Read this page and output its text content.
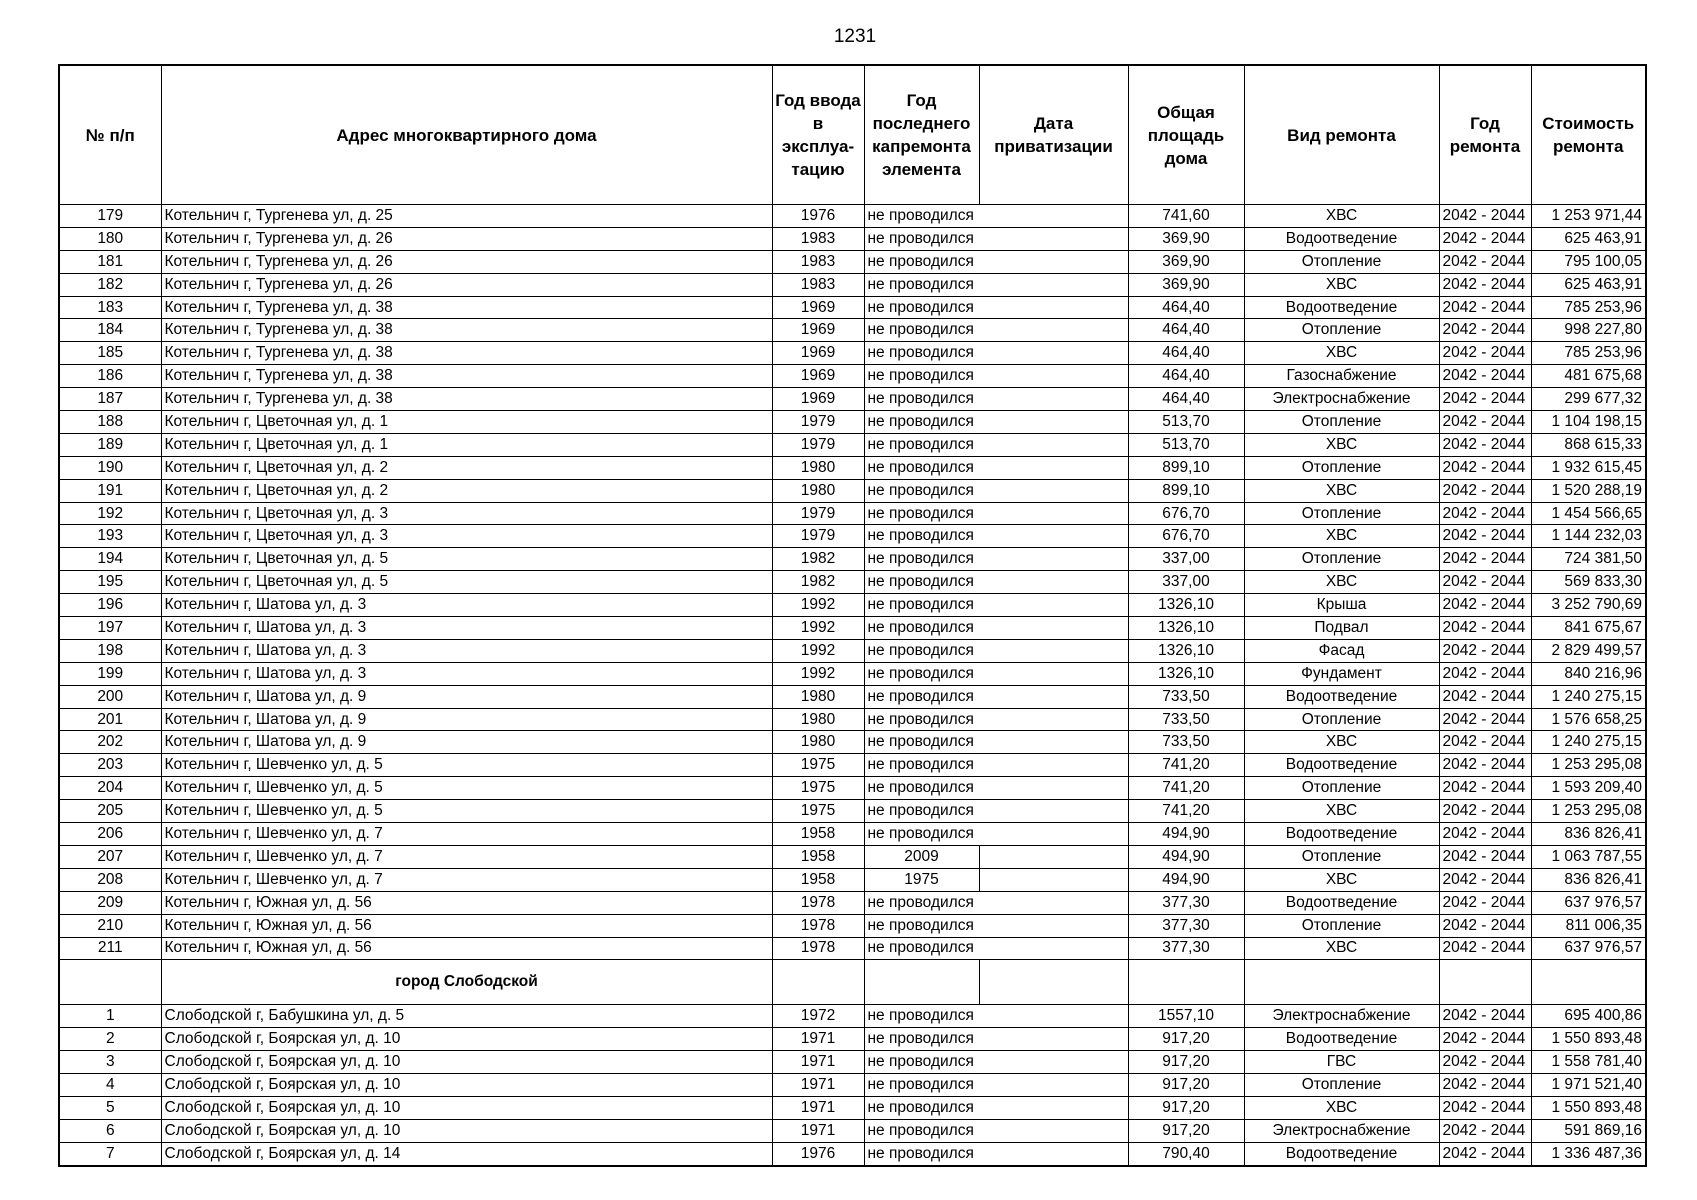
1231
№ п/п	Адрес многоквартирного дома	Год ввода в эксплуа-тацию	Год последнего капремонта элемента	Дата приватизации	Общая площадь дома	Вид ремонта	Год ремонта	Стоимость ремонта
179	Котельнич г, Тургенева ул, д. 25	1976	не проводился		741,60	ХВС	2042 - 2044	1 253 971,44
180	Котельнич г, Тургенева ул, д. 26	1983	не проводился		369,90	Водоотведение	2042 - 2044	625 463,91
181	Котельнич г, Тургенева ул, д. 26	1983	не проводился		369,90	Отопление	2042 - 2044	795 100,05
182	Котельнич г, Тургенева ул, д. 26	1983	не проводился		369,90	ХВС	2042 - 2044	625 463,91
183	Котельнич г, Тургенева ул, д. 38	1969	не проводился		464,40	Водоотведение	2042 - 2044	785 253,96
184	Котельнич г, Тургенева ул, д. 38	1969	не проводился		464,40	Отопление	2042 - 2044	998 227,80
185	Котельнич г, Тургенева ул, д. 38	1969	не проводился		464,40	ХВС	2042 - 2044	785 253,96
186	Котельнич г, Тургенева ул, д. 38	1969	не проводился		464,40	Газоснабжение	2042 - 2044	481 675,68
187	Котельнич г, Тургенева ул, д. 38	1969	не проводился		464,40	Электроснабжение	2042 - 2044	299 677,32
188	Котельнич г, Цветочная ул, д. 1	1979	не проводился		513,70	Отопление	2042 - 2044	1 104 198,15
189	Котельнич г, Цветочная ул, д. 1	1979	не проводился		513,70	ХВС	2042 - 2044	868 615,33
190	Котельнич г, Цветочная ул, д. 2	1980	не проводился		899,10	Отопление	2042 - 2044	1 932 615,45
191	Котельнич г, Цветочная ул, д. 2	1980	не проводился		899,10	ХВС	2042 - 2044	1 520 288,19
192	Котельнич г, Цветочная ул, д. 3	1979	не проводился		676,70	Отопление	2042 - 2044	1 454 566,65
193	Котельнич г, Цветочная ул, д. 3	1979	не проводился		676,70	ХВС	2042 - 2044	1 144 232,03
194	Котельнич г, Цветочная ул, д. 5	1982	не проводился		337,00	Отопление	2042 - 2044	724 381,50
195	Котельнич г, Цветочная ул, д. 5	1982	не проводился		337,00	ХВС	2042 - 2044	569 833,30
196	Котельнич г, Шатова ул, д. 3	1992	не проводился		1326,10	Крыша	2042 - 2044	3 252 790,69
197	Котельнич г, Шатова ул, д. 3	1992	не проводился		1326,10	Подвал	2042 - 2044	841 675,67
198	Котельнич г, Шатова ул, д. 3	1992	не проводился		1326,10	Фасад	2042 - 2044	2 829 499,57
199	Котельнич г, Шатова ул, д. 3	1992	не проводился		1326,10	Фундамент	2042 - 2044	840 216,96
200	Котельнич г, Шатова ул, д. 9	1980	не проводился		733,50	Водоотведение	2042 - 2044	1 240 275,15
201	Котельнич г, Шатова ул, д. 9	1980	не проводился		733,50	Отопление	2042 - 2044	1 576 658,25
202	Котельнич г, Шатова ул, д. 9	1980	не проводился		733,50	ХВС	2042 - 2044	1 240 275,15
203	Котельнич г, Шевченко ул, д. 5	1975	не проводился		741,20	Водоотведение	2042 - 2044	1 253 295,08
204	Котельнич г, Шевченко ул, д. 5	1975	не проводился		741,20	Отопление	2042 - 2044	1 593 209,40
205	Котельнич г, Шевченко ул, д. 5	1975	не проводился		741,20	ХВС	2042 - 2044	1 253 295,08
206	Котельнич г, Шевченко ул, д. 7	1958	не проводился		494,90	Водоотведение	2042 - 2044	836 826,41
207	Котельнич г, Шевченко ул, д. 7	1958	2009		494,90	Отопление	2042 - 2044	1 063 787,55
208	Котельнич г, Шевченко ул, д. 7	1958	1975		494,90	ХВС	2042 - 2044	836 826,41
209	Котельнич г, Южная ул, д. 56	1978	не проводился		377,30	Водоотведение	2042 - 2044	637 976,57
210	Котельнич г, Южная ул, д. 56	1978	не проводился		377,30	Отопление	2042 - 2044	811 006,35
211	Котельнич г, Южная ул, д. 56	1978	не проводился		377,30	ХВС	2042 - 2044	637 976,57
	город Слободской							
1	Слободской г, Бабушкина ул, д. 5	1972	не проводился		1557,10	Электроснабжение	2042 - 2044	695 400,86
2	Слободской г, Боярская ул, д. 10	1971	не проводился		917,20	Водоотведение	2042 - 2044	1 550 893,48
3	Слободской г, Боярская ул, д. 10	1971	не проводился		917,20	ГВС	2042 - 2044	1 558 781,40
4	Слободской г, Боярская ул, д. 10	1971	не проводился		917,20	Отопление	2042 - 2044	1 971 521,40
5	Слободской г, Боярская ул, д. 10	1971	не проводился		917,20	ХВС	2042 - 2044	1 550 893,48
6	Слободской г, Боярская ул, д. 10	1971	не проводился		917,20	Электроснабжение	2042 - 2044	591 869,16
7	Слободской г, Боярская ул, д. 14	1976	не проводился		790,40	Водоотведение	2042 - 2044	1 336 487,36
